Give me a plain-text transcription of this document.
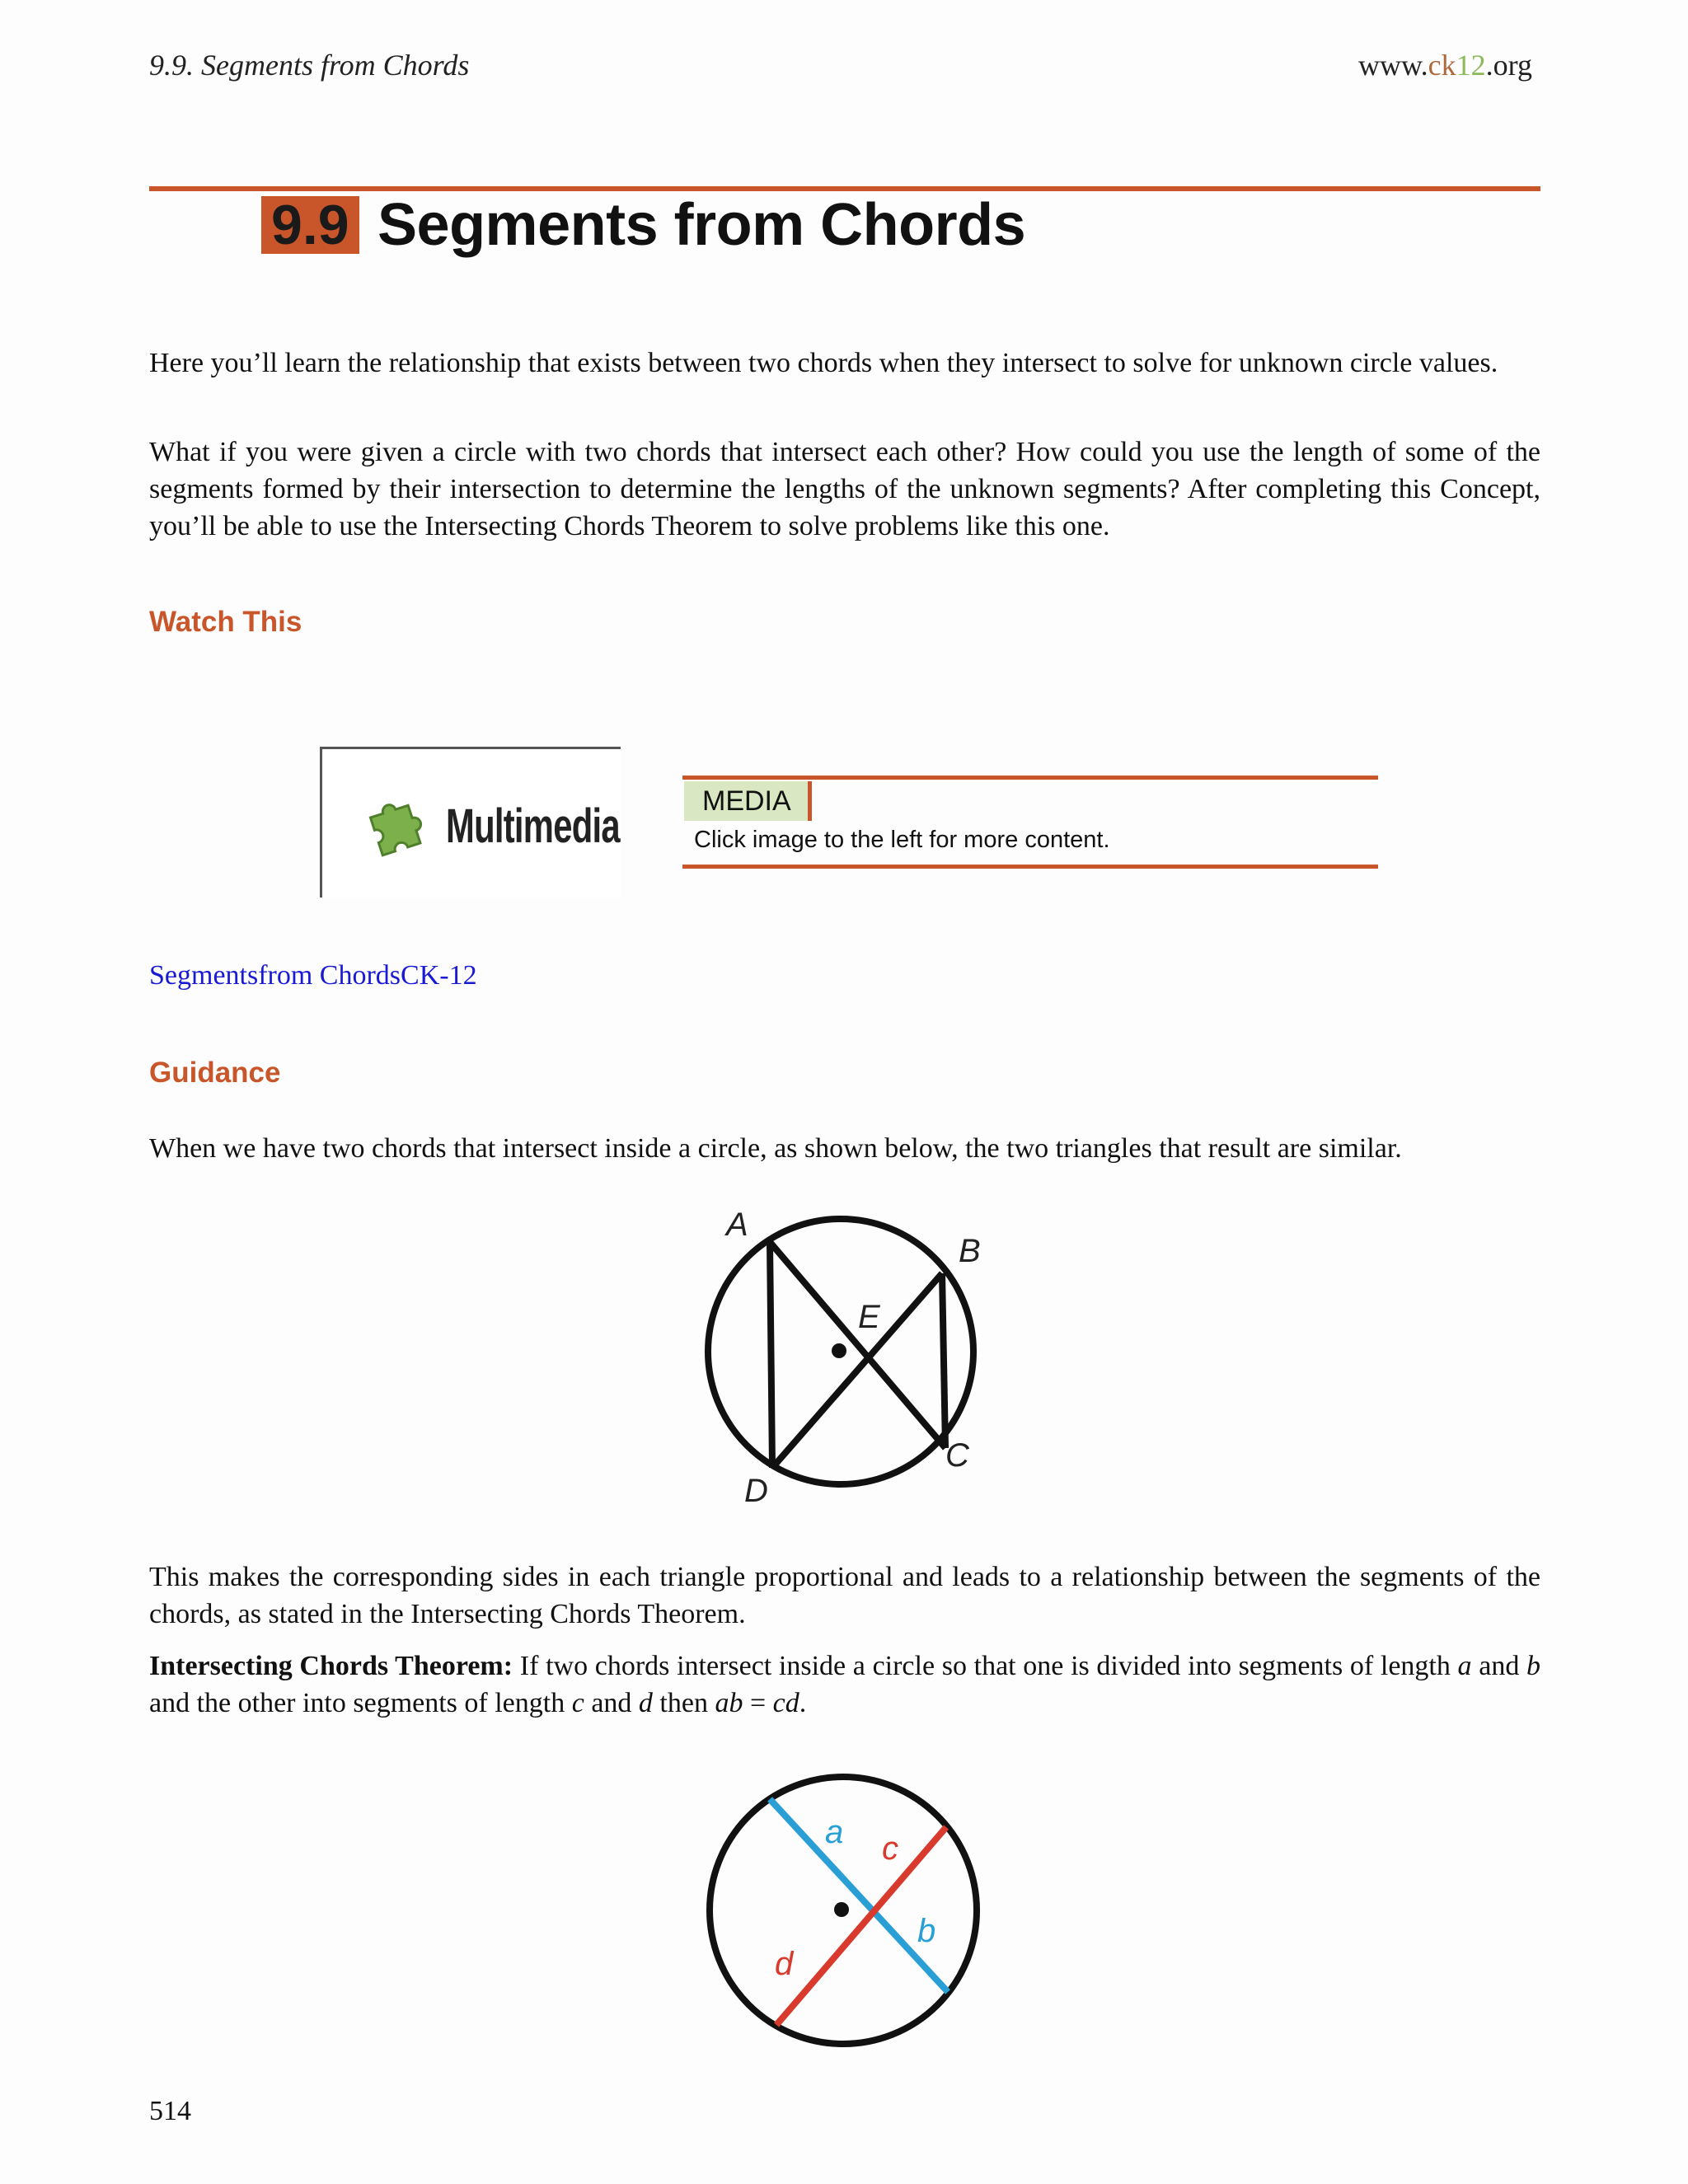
9.9. Segments from Chords	www.ck12.org
9.9 Segments from Chords
Here you’ll learn the relationship that exists between two chords when they intersect to solve for unknown circle values.
What if you were given a circle with two chords that intersect each other? How could you use the length of some of the segments formed by their intersection to determine the lengths of the unknown segments? After completing this Concept, you’ll be able to use the Intersecting Chords Theorem to solve problems like this one.
Watch This
Multimedia	MEDIA
Click image to the left for more content.
Segmentsfrom ChordsCK-12
Guidance
When we have two chords that intersect inside a circle, as shown below, the two triangles that result are similar.
A
B
E
C
D
This makes the corresponding sides in each triangle proportional and leads to a relationship between the segments of the chords, as stated in the Intersecting Chords Theorem.
Intersecting Chords Theorem: If two chords intersect inside a circle so that one is divided into segments of length a and b and the other into segments of length c and d then ab = cd.
a c
b
d
514
